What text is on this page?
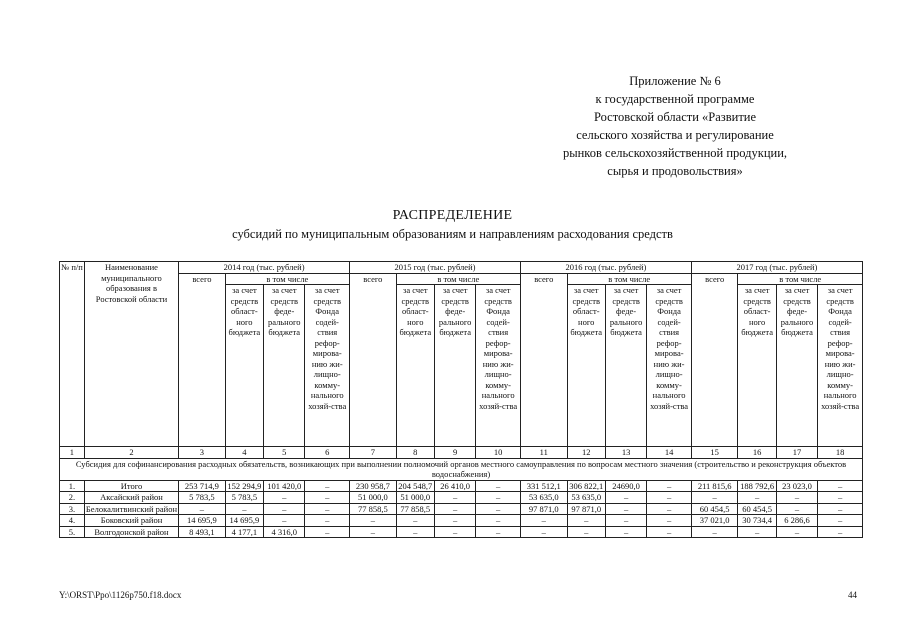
Приложение № 6
к государственной программе
Ростовской области «Развитие
сельского хозяйства и регулирование
рынков сельскохозяйственной продукции,
сырья и продовольствия»
РАСПРЕДЕЛЕНИЕ
субсидий по муниципальным образованиям и направлениям расходования средств
№ п/п	Наименование муниципального образования в Ростовской области	2014 год (тыс. рублей)				2015 год (тыс. рублей)				2016 год (тыс. рублей)				2017 год (тыс. рублей)			
		всего	в том числе			всего	в том числе			всего	в том числе			всего	в том числе		
			за счет средств област-ного бюджета	за счет средств феде-рального бюджета	за счет средств Фонда содей-ствия рефор-мирова-нию жи-лищно-комму-нального хозяй-ства		за счет средств област-ного бюджета	за счет средств феде-рального бюджета	за счет средств Фонда содей-ствия рефор-мирова-нию жи-лищно-комму-нального хозяй-ства		за счет средств област-ного бюджета	за счет средств феде-рального бюджета	за счет средств Фонда содей-ствия рефор-мирова-нию жи-лищно-комму-нального хозяй-ства		за счет средств област-ного бюджета	за счет средств феде-рального бюджета	за счет средств Фонда содей-ствия рефор-мирова-нию жи-лищно-комму-нального хозяй-ства
1	2	3	4	5	6	7	8	9	10	11	12	13	14	15	16	17	18
Субсидия для софинансирования расходных обязательств, возникающих при выполнении полномочий органов местного самоуправления по вопросам местного значения (строительство и реконструкция объектов водоснабжения)																	
1.	Итого	253 714,9	152 294,9	101 420,0	–	230 958,7	204 548,7	26 410,0	–	331 512,1	306 822,1	24690,0	–	211 815,6	188 792,6	23 023,0	–
2.	Аксайский район	5 783,5	5 783,5	–	–	51 000,0	51 000,0	–	–	53 635,0	53 635,0	–	–	–	–	–	–
3.	Белокалитвинский район	–	–	–	–	77 858,5	77 858,5	–	–	97 871,0	97 871,0	–	–	60 454,5	60 454,5	–	–
4.	Боковский район	14 695,9	14 695,9	–	–	–	–	–	–	–	–	–	–	37 021,0	30 734,4	6 286,6	–
5.	Волгодонской район	8 493,1	4 177,1	4 316,0	–	–	–	–	–	–	–	–	–	–	–	–	–
Y:\ORST\Ppo\1126p750.f18.docx	44
